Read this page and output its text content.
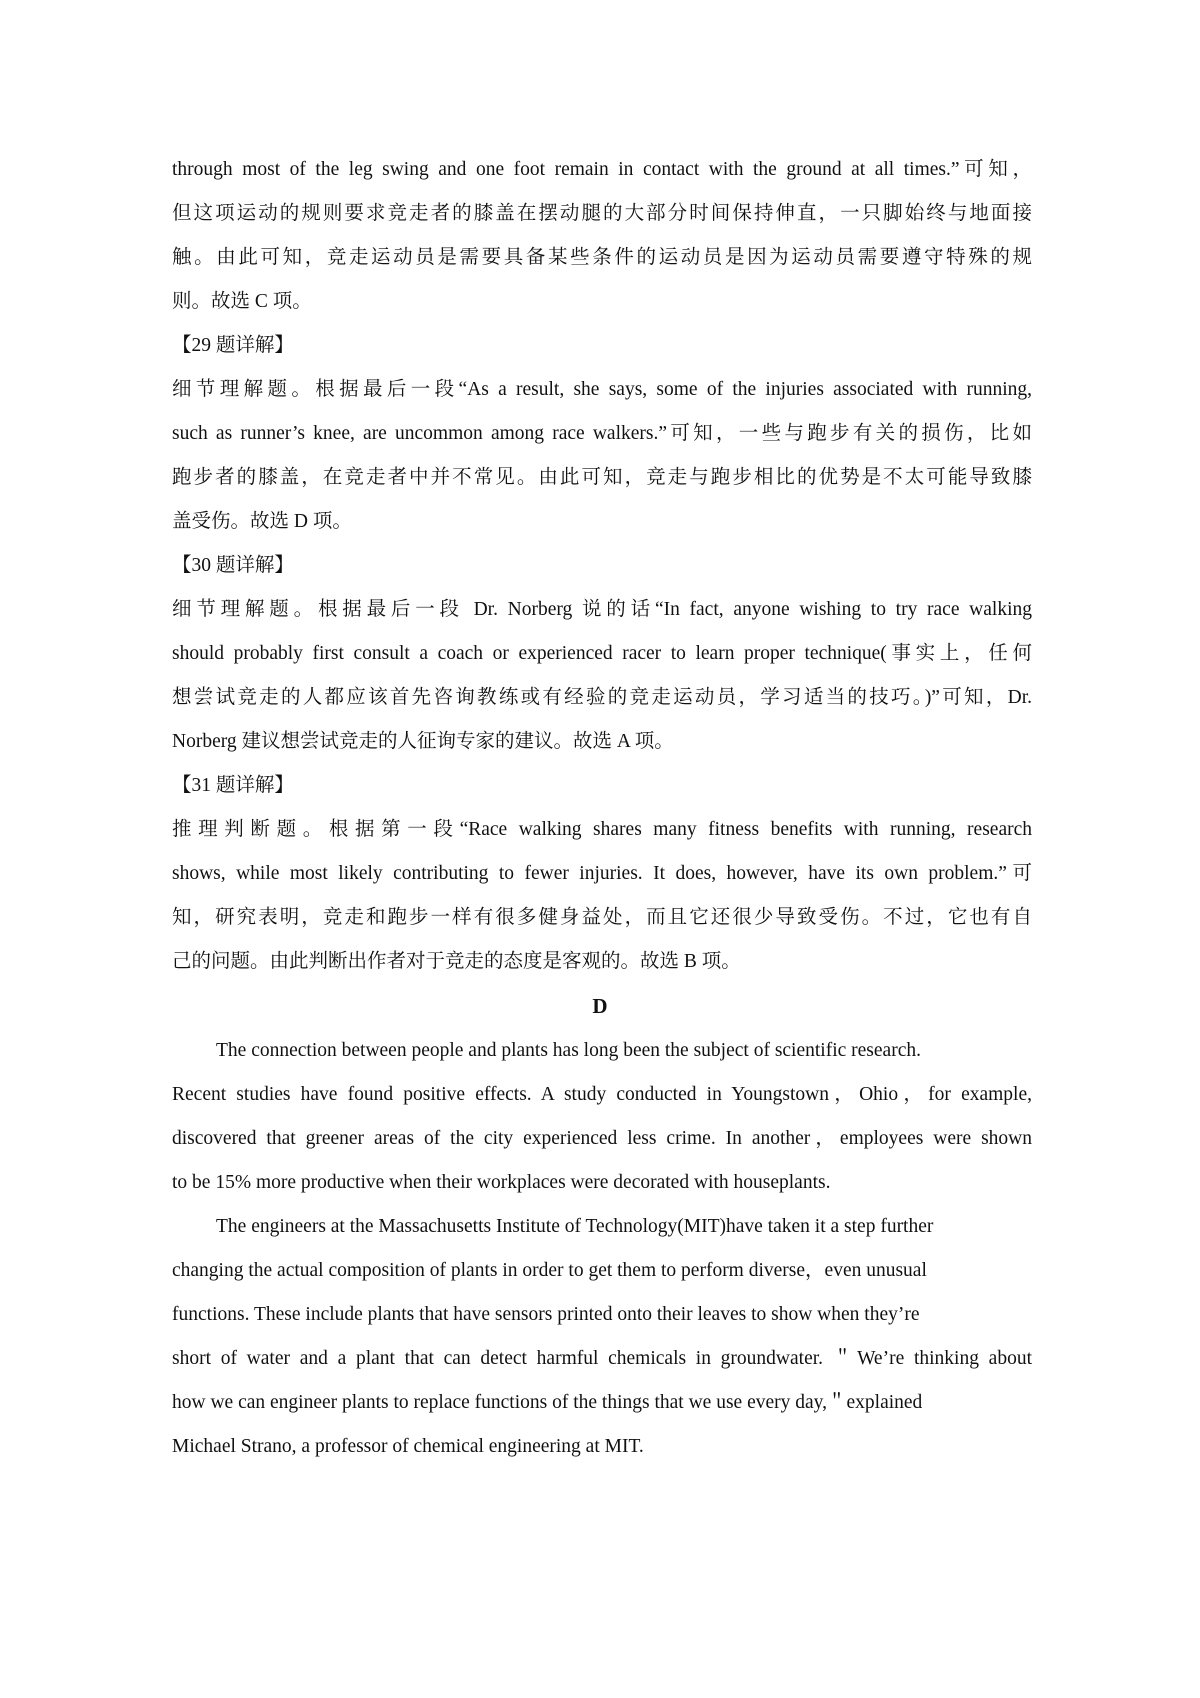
through most of the leg swing and one foot remain in contact with the ground at all times.”可知，
但这项运动的规则要求竞走者的膝盖在摆动腿的大部分时间保持伸直，一只脚始终与地面接
触。由此可知，竞走运动员是需要具备某些条件的运动员是因为运动员需要遵守特殊的规
则。故选 C 项。
【29 题详解】
细节理解题。根据最后一段“As a result, she says, some of the injuries associated with running,
such as runner’s knee, are uncommon among race walkers.”可知，一些与跑步有关的损伤，比如
跑步者的膝盖，在竞走者中并不常见。由此可知，竞走与跑步相比的优势是不太可能导致膝
盖受伤。故选 D 项。
【30 题详解】
细节理解题。根据最后一段 Dr. Norberg 说的话“In fact, anyone wishing to try race walking
should probably first consult a coach or experienced racer to learn proper technique(事实上，任何
想尝试竞走的人都应该首先咨询教练或有经验的竞走运动员，学习适当的技巧。)”可知，Dr.
Norberg 建议想尝试竞走的人征询专家的建议。故选 A 项。
【31 题详解】
推理判断题。根据第一段“Race walking shares many fitness benefits with running, research
shows, while most likely contributing to fewer injuries. It does, however, have its own problem.”可
知，研究表明，竞走和跑步一样有很多健身益处，而且它还很少导致受伤。不过，它也有自
己的问题。由此判断出作者对于竞走的态度是客观的。故选 B 项。
D
The connection between people and plants has long been the subject of scientific research.
Recent studies have found positive effects. A study conducted in Youngstown，Ohio，for example,
discovered that greener areas of the city experienced less crime. In another，employees were shown
to be 15% more productive when their workplaces were decorated with houseplants.
The engineers at the Massachusetts Institute of Technology(MIT)have taken it a step further
changing the actual composition of plants in order to get them to perform diverse，even unusual
functions. These include plants that have sensors printed onto their leaves to show when they’re
short of water and a plant that can detect harmful chemicals in groundwater. ＂We’re thinking about
how we can engineer plants to replace functions of the things that we use every day,＂explained
Michael Strano, a professor of chemical engineering at MIT.
